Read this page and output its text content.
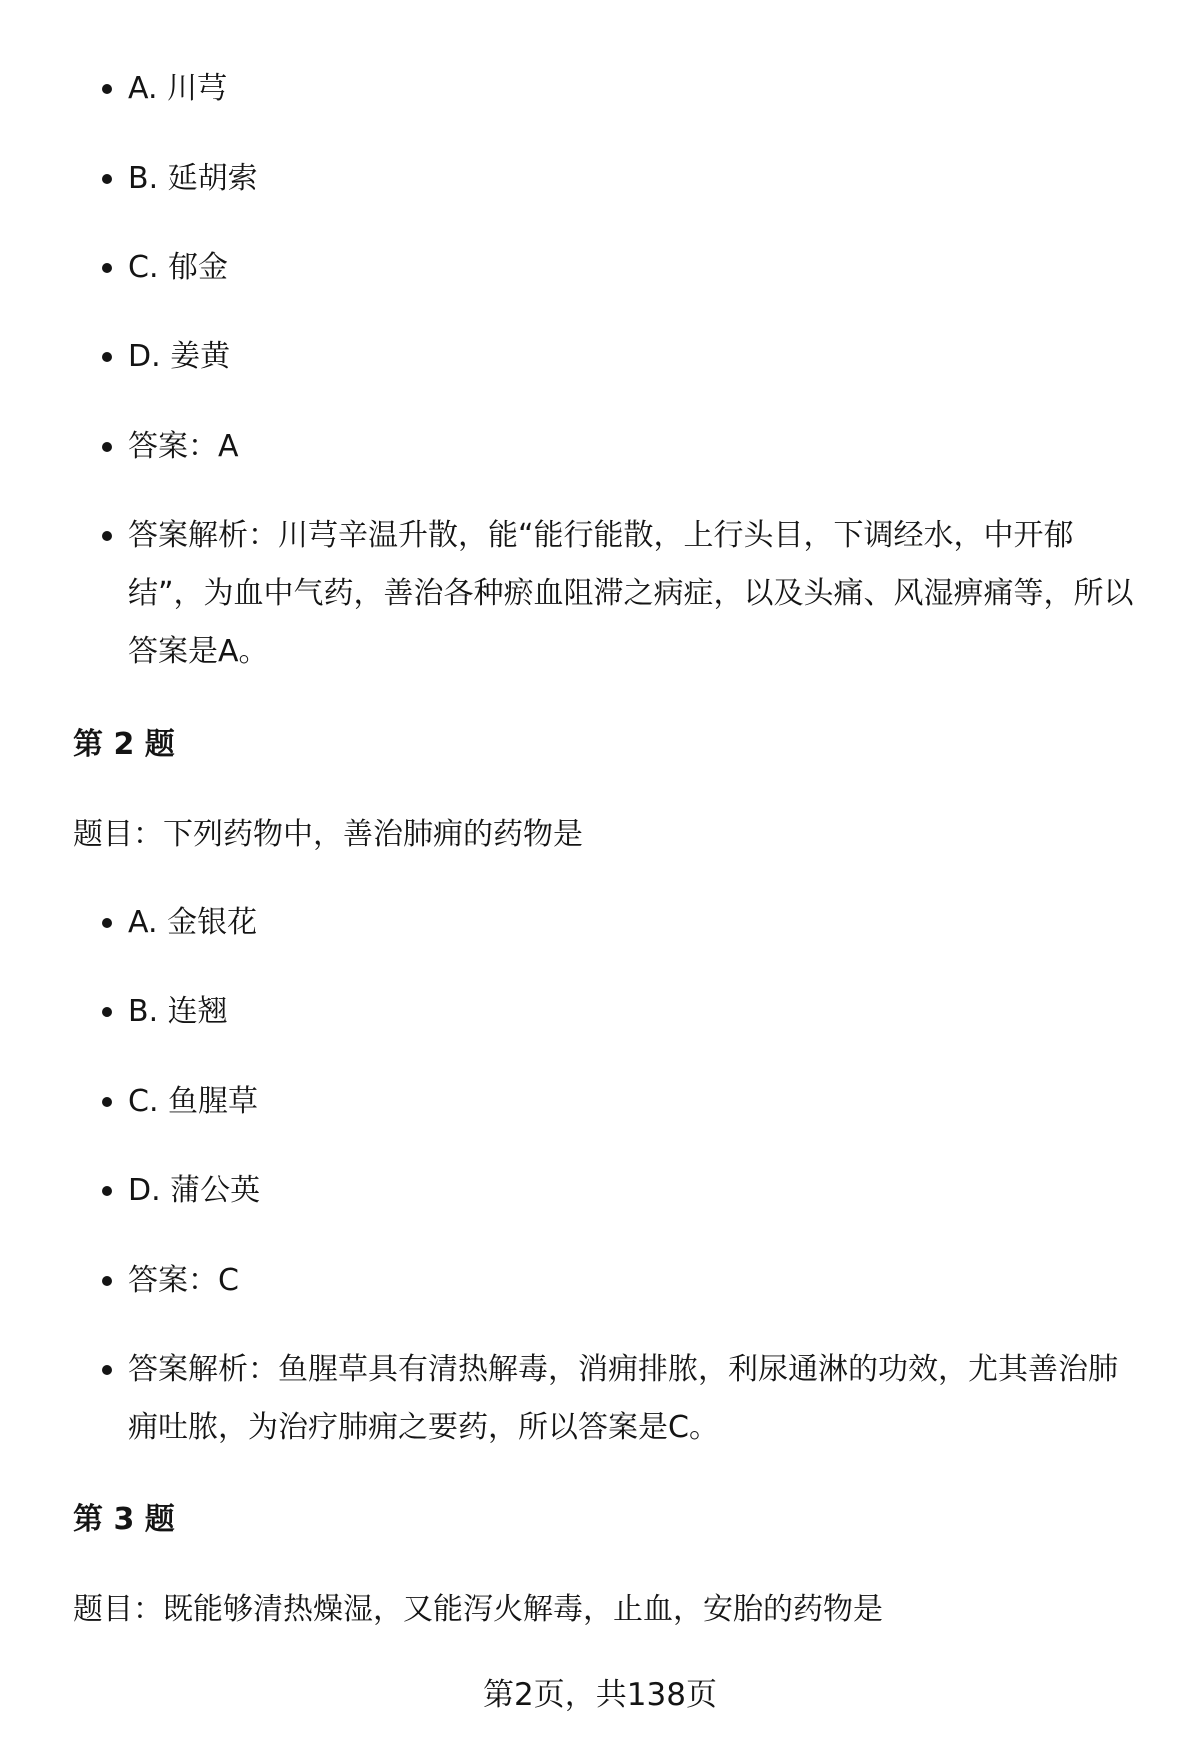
A. 川芎
B. 延胡索
C. 郁金
D. 姜黄
答案：A
答案解析：川芎辛温升散，能“能行能散，上行头目，下调经水，中开郁结”，为血中气药，善治各种瘀血阻滞之病症，以及头痛、风湿痹痛等，所以答案是A。
第 2 题
题目：下列药物中，善治肺痈的药物是
A. 金银花
B. 连翘
C. 鱼腥草
D. 蒲公英
答案：C
答案解析：鱼腥草具有清热解毒，消痈排脓，利尿通淋的功效，尤其善治肺痈吐脓，为治疗肺痈之要药，所以答案是C。
第 3 题
题目：既能够清热燥湿，又能泻火解毒，止血，安胎的药物是
第2页，共138页
